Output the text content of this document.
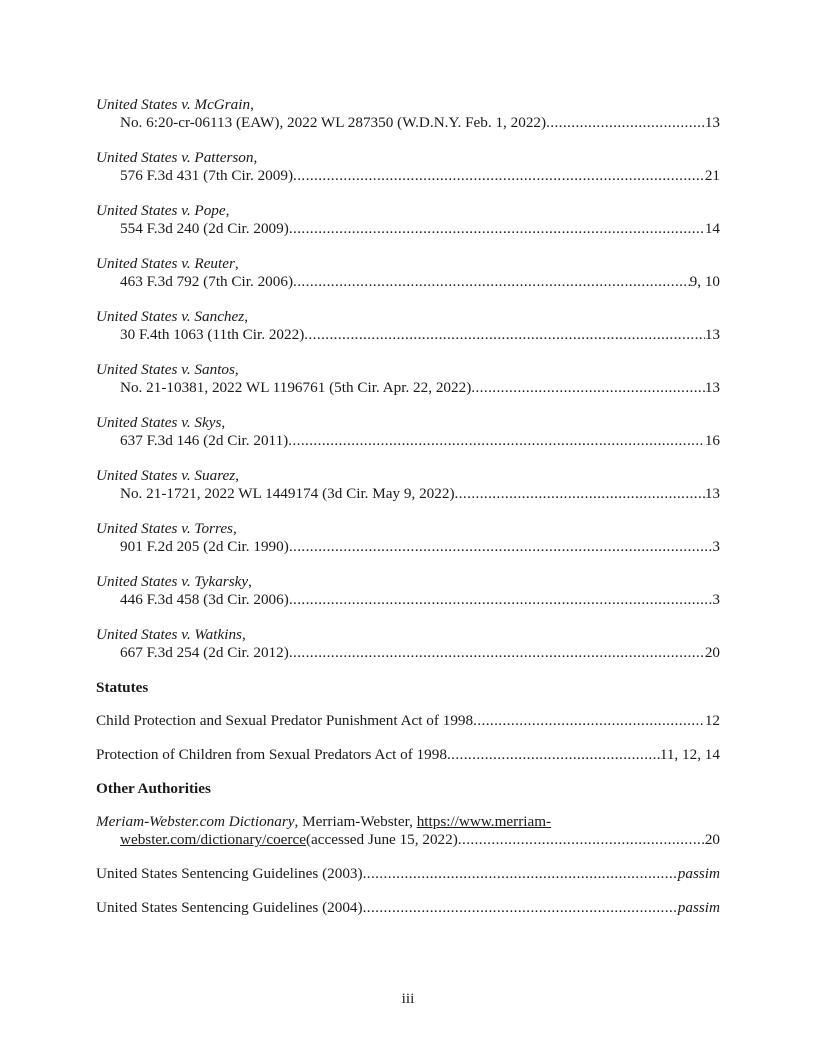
United States v. McGrain,
No. 6:20-cr-06113 (EAW), 2022 WL 287350 (W.D.N.Y. Feb. 1, 2022) .....	13
United States v. Patterson,
576 F.3d 431 (7th Cir. 2009) .....	21
United States v. Pope,
554 F.3d 240 (2d Cir. 2009) .....	14
United States v. Reuter,
463 F.3d 792 (7th Cir. 2006) .....	9, 10
United States v. Sanchez,
30 F.4th 1063 (11th Cir. 2022) .....	13
United States v. Santos,
No. 21-10381, 2022 WL 1196761 (5th Cir. Apr. 22, 2022) .....	13
United States v. Skys,
637 F.3d 146 (2d Cir. 2011) .....	16
United States v. Suarez,
No. 21-1721, 2022 WL 1449174 (3d Cir. May 9, 2022) .....	13
United States v. Torres,
901 F.2d 205 (2d Cir. 1990) .....	3
United States v. Tykarsky,
446 F.3d 458 (3d Cir. 2006) .....	3
United States v. Watkins,
667 F.3d 254 (2d Cir. 2012) .....	20
Statutes
Child Protection and Sexual Predator Punishment Act of 1998 .....	12
Protection of Children from Sexual Predators Act of 1998 .....	11, 12, 14
Other Authorities
Meriam-Webster.com Dictionary, Merriam-Webster, https://www.merriam-
webster.com/dictionary/coerce (accessed June 15, 2022) .....	20
United States Sentencing Guidelines (2003) .....	passim
United States Sentencing Guidelines (2004) .....	passim
iii
